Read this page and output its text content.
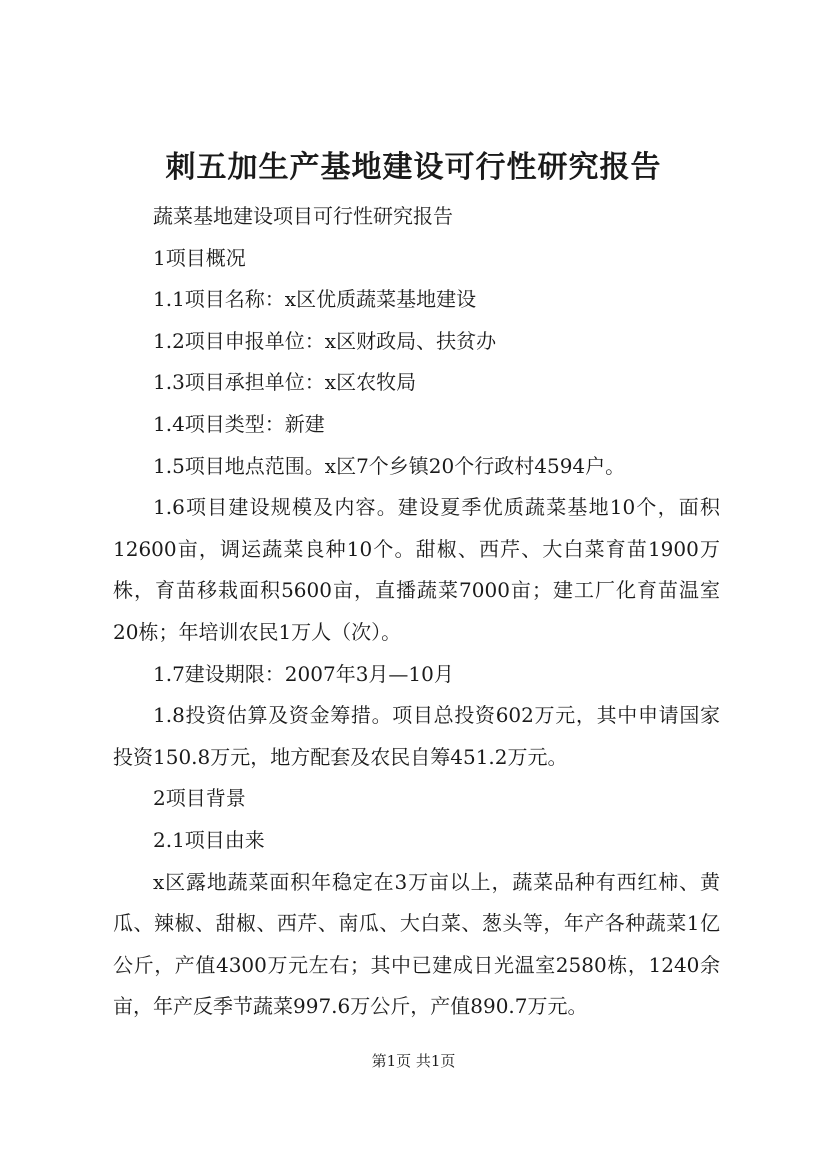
刺五加生产基地建设可行性研究报告

蔬菜基地建设项目可行性研究报告

1项目概况

1.1项目名称：x区优质蔬菜基地建设

1.2项目申报单位：x区财政局、扶贫办

1.3项目承担单位：x区农牧局

1.4项目类型：新建

1.5项目地点范围。x区7个乡镇20个行政村4594户。

1.6项目建设规模及内容。建设夏季优质蔬菜基地10个，面积12600亩，调运蔬菜良种10个。甜椒、西芹、大白菜育苗1900万株，育苗移栽面积5600亩，直播蔬菜7000亩；建工厂化育苗温室20栋；年培训农民1万人（次）。

1.7建设期限：2007年3月—10月

1.8投资估算及资金筹措。项目总投资602万元，其中申请国家投资150.8万元，地方配套及农民自筹451.2万元。

2项目背景

2.1项目由来

x区露地蔬菜面积年稳定在3万亩以上，蔬菜品种有西红柿、黄瓜、辣椒、甜椒、西芹、南瓜、大白菜、葱头等，年产各种蔬菜1亿公斤，产值4300万元左右；其中已建成日光温室2580栋，1240余亩，年产反季节蔬菜997.6万公斤，产值890.7万元。

第1页 共1页
